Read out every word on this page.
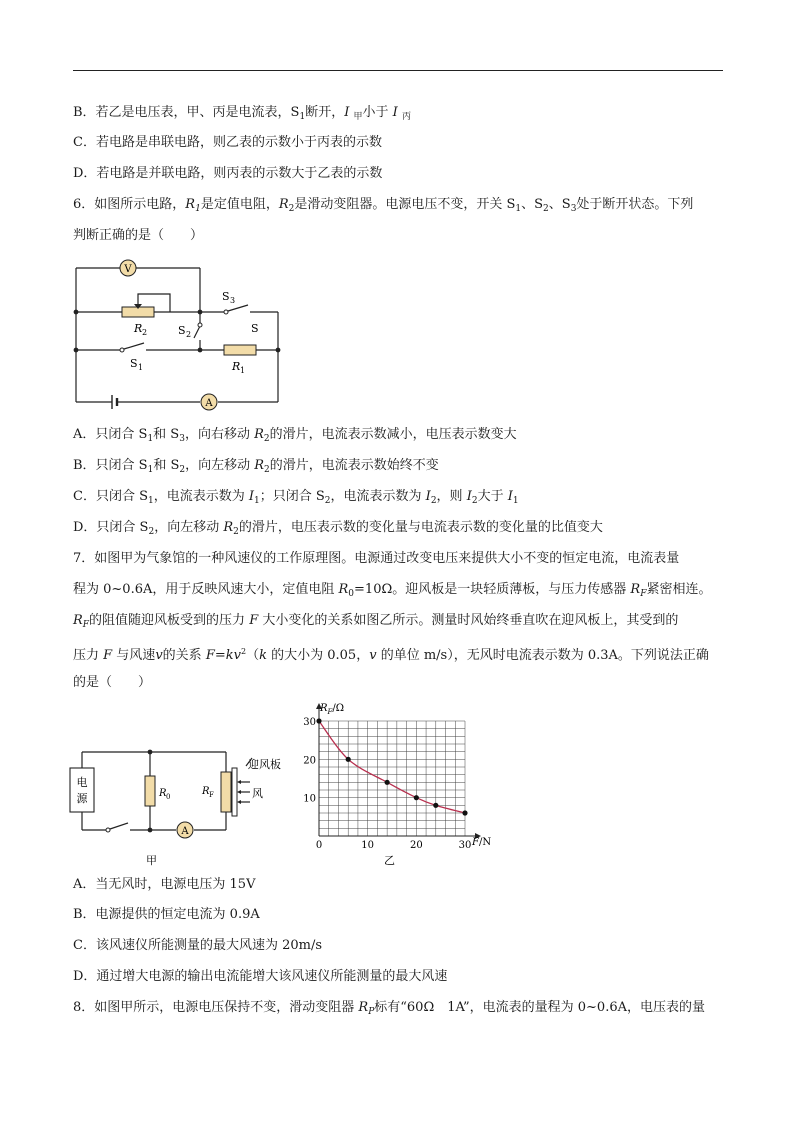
B．若乙是电压表，甲、丙是电流表，$S_1$断开，I $_甲$小于 I $_丙$
C．若电路是串联电路，则乙表的示数小于丙表的示数
D．若电路是并联电路，则丙表的示数大于乙表的示数
6．如图所示电路，$R_1$是定值电阻，$R_2$是滑动变阻器。电源电压不变，开关 $S_1$、$S_2$、$S_3$处于断开状态。下列
判断正确的是（　　）
V
A
R 2
R 1
S 1
S 2
S 3
S
A．只闭合 $S_1$和 $S_3$，向右移动 $R_2$的滑片，电流表示数减小，电压表示数变大
B．只闭合 $S_1$和 $S_2$，向左移动 $R_2$的滑片，电流表示数始终不变
C．只闭合 $S_1$，电流表示数为 $I_1$；只闭合 $S_2$，电流表示数为 $I_2$，则 $I_2$大于 $I_1$
D．只闭合 $S_2$，向左移动 $R_2$的滑片，电压表示数的变化量与电流表示数的变化量的比值变大
7．如图甲为气象馆的一种风速仪的工作原理图。电源通过改变电压来提供大小不变的恒定电流，电流表量
程为 0~0.6A，用于反映风速大小，定值电阻 $R_0=10\Omega$。迎风板是一块轻质薄板，与压力传感器 $R_F$紧密相连。
$R_F$的阻值随迎风板受到的压力 F 大小变化的关系如图乙所示。测量时风始终垂直吹在迎风板上，其受到的
压力 F 与风速v的关系 $F=kv^2(k$ 的大小为 0.05，v 的单位 m/s），无风时电流表示数为 0.3A。下列说法正确
的是（　　）
电
源	R 0	R F
迎风板
风
A
甲
0	10	20	30
10
20
30
$R_F/\Omega$
F/N
乙
A．当无风时，电源电压为 15V
B．电源提供的恒定电流为 0.9A
C．该风速仪所能测量的最大风速为 20m/s
D．通过增大电源的输出电流能增大该风速仪所能测量的最大风速
8．如图甲所示，电源电压保持不变，滑动变阻器 $R_P$标有“60Ω　1A”，电流表的量程为 0~0.6A，电压表的量
